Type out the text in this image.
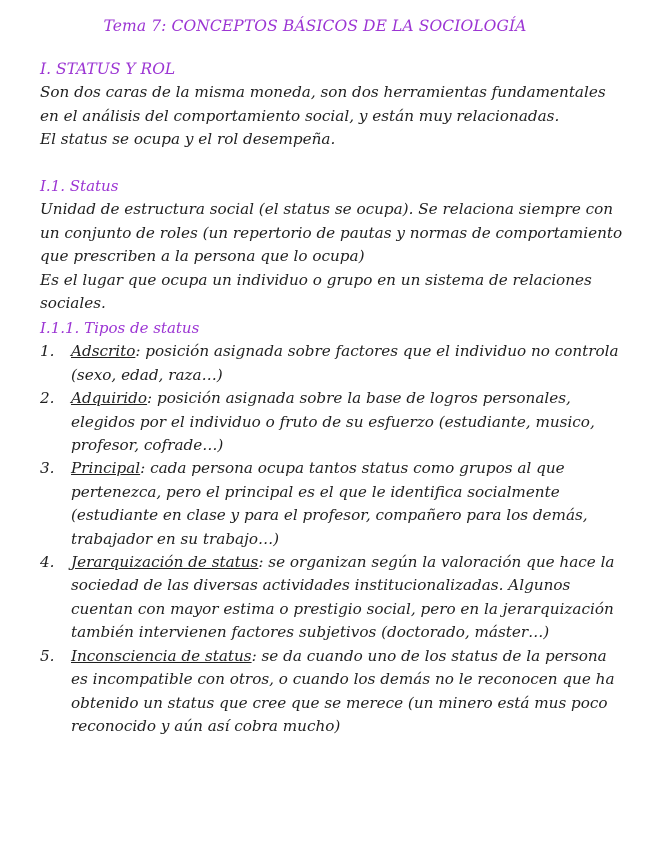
Tema 7: CONCEPTOS BÁSICOS DE LA SOCIOLOGÍA
I. STATUS Y ROL

Son dos caras de la misma moneda, son dos herramientas fundamentales en el análisis del comportamiento social, y están muy relacionadas.

El status se ocupa y el rol desempeña.

I.1. Status

Unidad de estructura social (el status se ocupa). Se relaciona siempre con un conjunto de roles (un repertorio de pautas y normas de comportamiento que prescriben a la persona que lo ocupa)

Es el lugar que ocupa un individuo o grupo en un sistema de relaciones sociales.

I.1.1. Tipos de status
1. Adscrito: posición asignada sobre factores que el individuo no controla (sexo, edad, raza…)
2. Adquirido: posición asignada sobre la base de logros personales, elegidos por el individuo o fruto de su esfuerzo (estudiante, musico, profesor, cofrade…)
3. Principal: cada persona ocupa tantos status como grupos al que pertenezca, pero el principal es el que le identifica socialmente (estudiante en clase y para el profesor, compañero para los demás, trabajador en su trabajo…)
4. Jerarquización de status: se organizan según la valoración que hace la sociedad de las diversas actividades institucionalizadas. Algunos cuentan con mayor estima o prestigio social, pero en la jerarquización también intervienen factores subjetivos (doctorado, máster…)
5. Inconsciencia de status: se da cuando uno de los status de la persona es incompatible con otros, o cuando los demás no le reconocen que ha obtenido un status que cree que se merece (un minero está mus poco reconocido y aún así cobra mucho)
